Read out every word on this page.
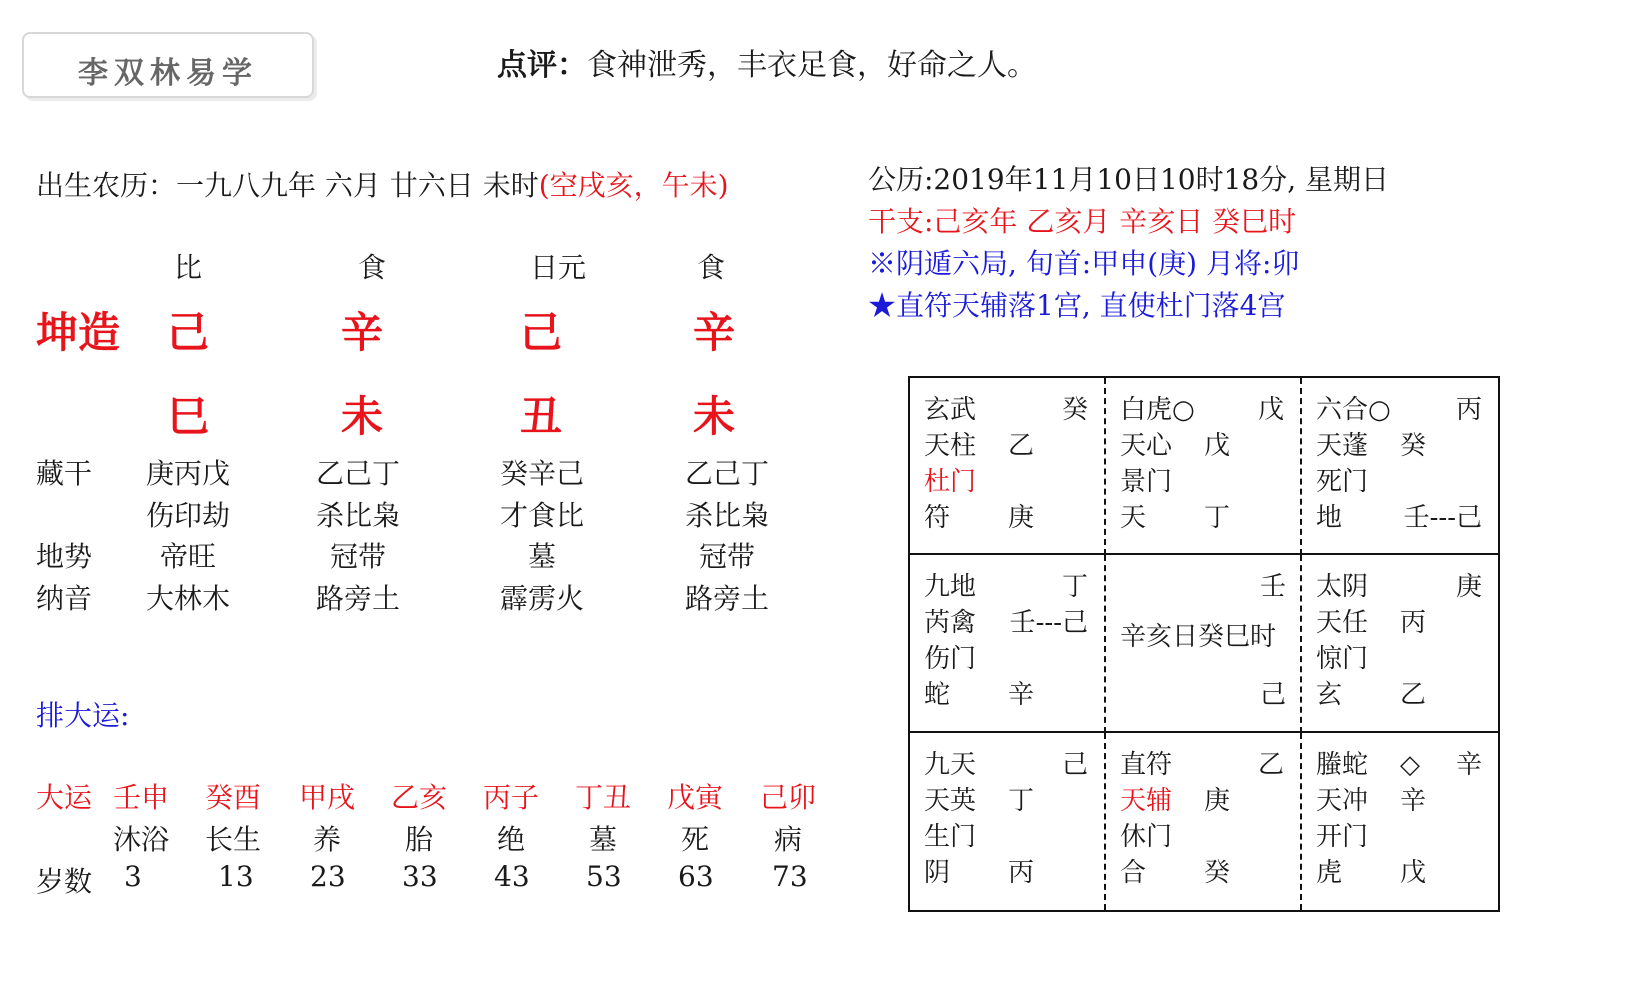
李双林易学	点评：食神泄秀，丰衣足食，好命之人。
出生农历：一九八九年 六月 廿六日 未时(空戌亥，午未)	公历:2019年11月10日10时18分, 星期日
干支:己亥年 乙亥月 辛亥日 癸巳时
※阴遁六局, 旬首:甲申(庚) 月将:卯
★直符天辅落1宫, 直使杜门落4宫
比	食	日元	食
坤造	己	辛	己	辛
巳	未	丑	未
藏干	庚丙戊	乙己丁	癸辛己	乙己丁
伤印劫	杀比枭	才食比	杀比枭
地势	帝旺	冠带	墓	冠带
纳音	大林木	路旁土	霹雳火	路旁土
排大运:
大运 壬申	癸酉	甲戌	乙亥	丙子	丁丑	戊寅	己卯
沐浴	长生	养	胎	绝	墓	死	病
岁数 3	13 23 33 43 53 63 73
玄武	癸
天柱	乙
杜门
符	庚
白虎○	戊
天心	戊
景门
天	丁
六合○	丙
天蓬	癸
死门
地	壬---己
九地	丁
芮禽	壬---己
伤门
蛇	辛
壬
辛亥日癸巳时
己
太阴	庚
天任	丙
惊门
玄	乙
九天	己
天英	丁
生门
阴	丙
直符	乙
天辅	庚
休门
合	癸
螣蛇	◇	辛
天冲	辛
开门
虎	戊
